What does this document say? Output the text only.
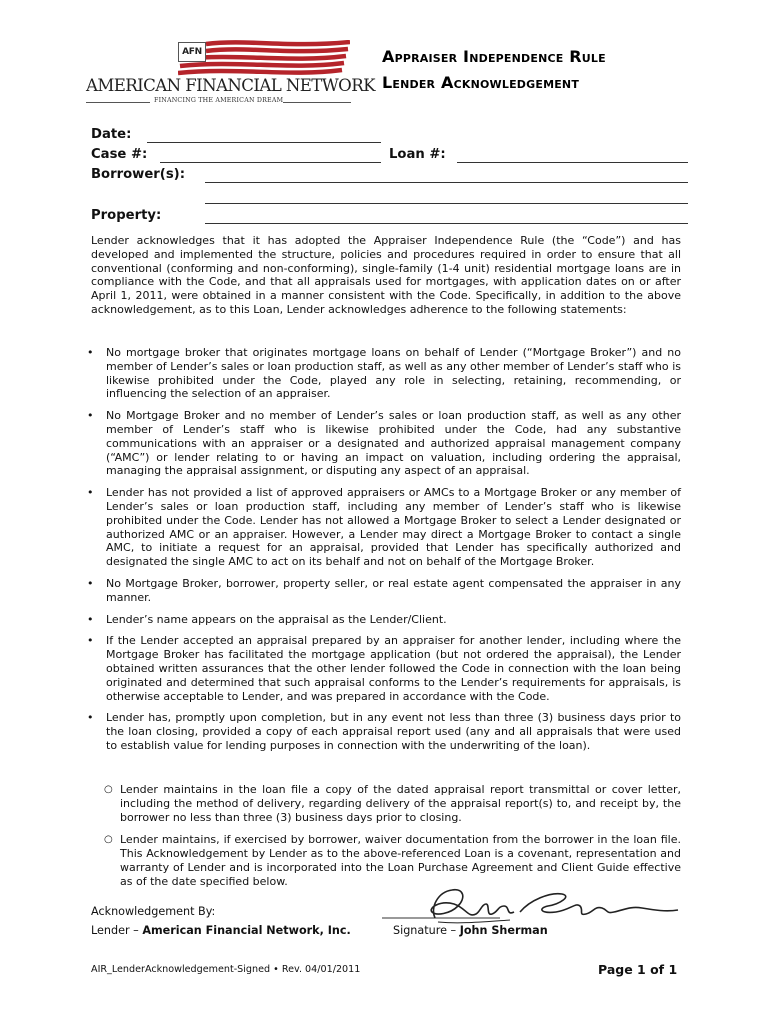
AFN
AMERICAN FINANCIAL NETWORK
FINANCING THE AMERICAN DREAM
Appraiser Independence Rule
Lender Acknowledgement
Date:
Case #:	Loan #:
Borrower(s):
Property:
Lender acknowledges that it has adopted the Appraiser Independence Rule (the “Code”) and has developed and implemented the structure, policies and procedures required in order to ensure that all conventional (conforming and non-conforming), single-family (1-4 unit) residential mortgage loans are in compliance with the Code, and that all appraisals used for mortgages, with application dates on or after April 1, 2011, were obtained in a manner consistent with the Code. Specifically, in addition to the above acknowledgement, as to this Loan, Lender acknowledges adherence to the following statements:
• No mortgage broker that originates mortgage loans on behalf of Lender (“Mortgage Broker”) and no member of Lender’s sales or loan production staff, as well as any other member of Lender’s staff who is likewise prohibited under the Code, played any role in selecting, retaining, recommending, or influencing the selection of an appraiser.
• No Mortgage Broker and no member of Lender’s sales or loan production staff, as well as any other member of Lender’s staff who is likewise prohibited under the Code, had any substantive communications with an appraiser or a designated and authorized appraisal management company (“AMC”) or lender relating to or having an impact on valuation, including ordering the appraisal, managing the appraisal assignment, or disputing any aspect of an appraisal.
• Lender has not provided a list of approved appraisers or AMCs to a Mortgage Broker or any member of Lender’s sales or loan production staff, including any member of Lender’s staff who is likewise prohibited under the Code. Lender has not allowed a Mortgage Broker to select a Lender designated or authorized AMC or an appraiser. However, a Lender may direct a Mortgage Broker to contact a single AMC, to initiate a request for an appraisal, provided that Lender has specifically authorized and designated the single AMC to act on its behalf and not on behalf of the Mortgage Broker.
• No Mortgage Broker, borrower, property seller, or real estate agent compensated the appraiser in any manner.
• Lender’s name appears on the appraisal as the Lender/Client.
• If the Lender accepted an appraisal prepared by an appraiser for another lender, including where the Mortgage Broker has facilitated the mortgage application (but not ordered the appraisal), the Lender obtained written assurances that the other lender followed the Code in connection with the loan being originated and determined that such appraisal conforms to the Lender’s requirements for appraisals, is otherwise acceptable to Lender, and was prepared in accordance with the Code.
• Lender has, promptly upon completion, but in any event not less than three (3) business days prior to the loan closing, provided a copy of each appraisal report used (any and all appraisals that were used to establish value for lending purposes in connection with the underwriting of the loan).
○ Lender maintains in the loan file a copy of the dated appraisal report transmittal or cover letter, including the method of delivery, regarding delivery of the appraisal report(s) to, and receipt by, the borrower no less than three (3) business days prior to closing.
○ Lender maintains, if exercised by borrower, waiver documentation from the borrower in the loan file. This Acknowledgement by Lender as to the above-referenced Loan is a covenant, representation and warranty of Lender and is incorporated into the Loan Purchase Agreement and Client Guide effective as of the date specified below.
Acknowledgement By:
Lender – American Financial Network, Inc.	Signature – John Sherman
AIR_LenderAcknowledgement-Signed • Rev. 04/01/2011	Page 1 of 1
